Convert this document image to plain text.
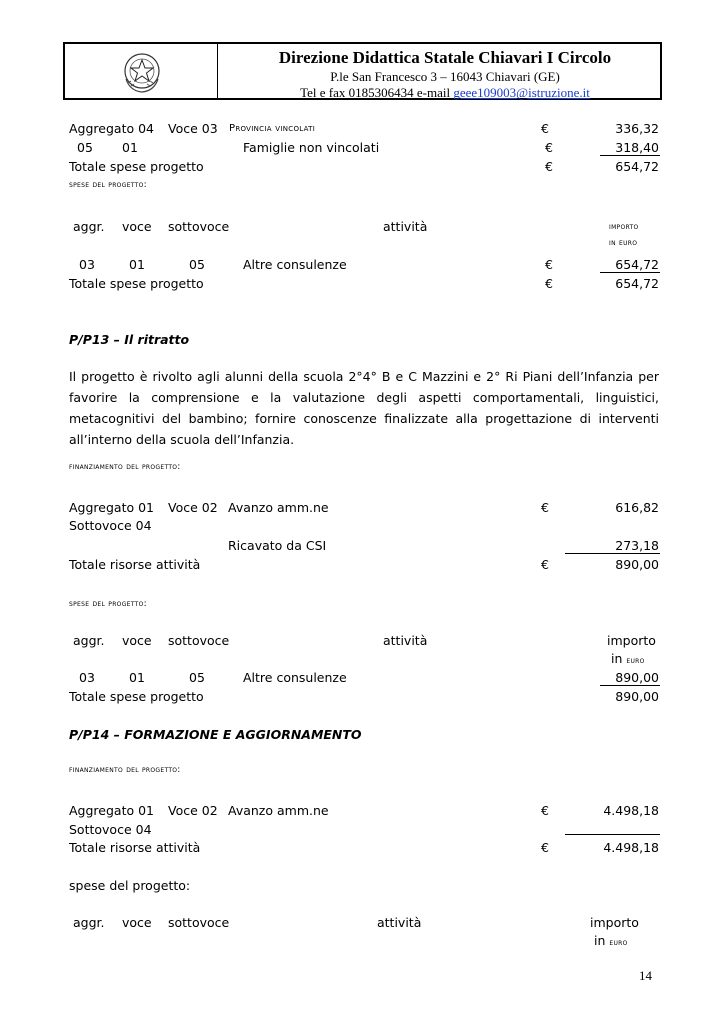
Direzione Didattica Statale Chiavari I Circolo
P.le San Francesco 3 – 16043 Chiavari (GE)
Tel e fax 0185306434 e-mail geee109003@istruzione.it
Aggregato 04 Voce 03 Provincia vincolati	€	336,32
05 01	Famiglie non vincolati	€	318,40
Totale spese progetto	€	654,72
spese del progetto:
aggr. voce sottovoce	attività	importo
in euro
03	01	05	Altre consulenze	€	654,72
Totale spese progetto	€	654,72
P/P13 – Il ritratto
Il progetto è rivolto agli alunni della scuola 2°4° B e C Mazzini e 2° Ri Piani dell’Infanzia per favorire la comprensione e la valutazione degli aspetti comportamentali, linguistici, metacognitivi del bambino; fornire conoscenze finalizzate alla progettazione di interventi all’interno della scuola dell’Infanzia.
finanziamento del progetto:
Aggregato 01 Voce 02 Avanzo amm.ne	€	616,82
Sottovoce 04
Ricavato da CSI	273,18
Totale risorse attività	€	890,00
spese del progetto:
aggr. voce sottovoce	attività	importo
in euro
03	01	05	Altre consulenze	890,00
Totale spese progetto	890,00
P/P14 – FORMAZIONE E AGGIORNAMENTO
finanziamento del progetto:
Aggregato 01 Voce 02 Avanzo amm.ne	€	4.498,18
Sottovoce 04
Totale risorse attività	€	4.498,18
spese del progetto:
aggr. voce sottovoce	attività	importo
in euro
14
